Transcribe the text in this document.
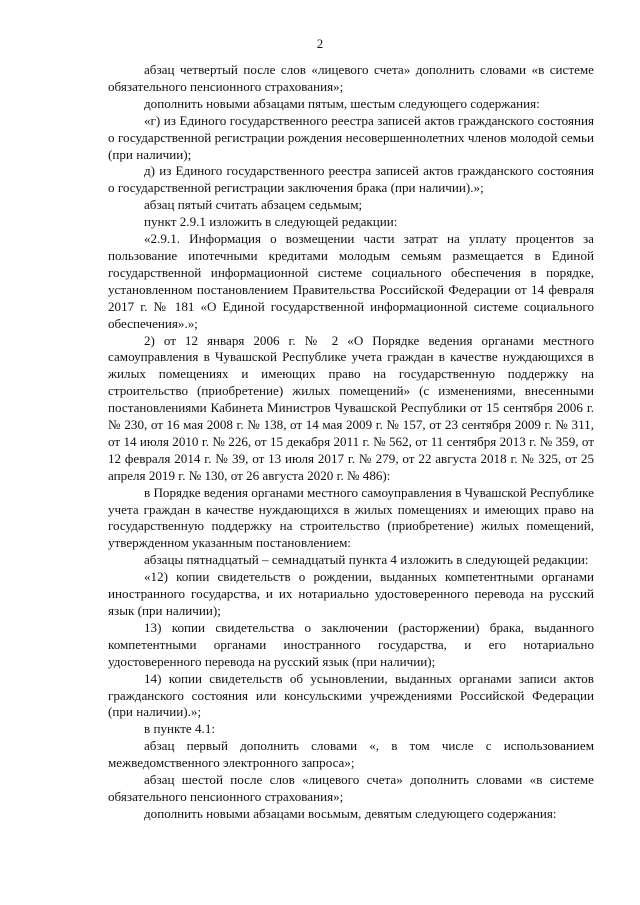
2

абзац четвертый после слов «лицевого счета» дополнить словами «в системе обязательного пенсионного страхования»;

дополнить новыми абзацами пятым, шестым следующего содержания:

«г) из Единого государственного реестра записей актов гражданского состояния о государственной регистрации рождения несовершеннолетних членов молодой семьи (при наличии);

д) из Единого государственного реестра записей актов гражданского состояния о государственной регистрации заключения брака (при наличии).»;

абзац пятый считать абзацем седьмым;

пункт 2.9.1 изложить в следующей редакции:

«2.9.1. Информация о возмещении части затрат на уплату процентов за пользование ипотечными кредитами молодым семьям размещается в Единой государственной информационной системе социального обеспечения в порядке, установленном постановлением Правительства Российской Федерации от 14 февраля 2017 г. № 181 «О Единой государственной информационной системе социального обеспечения».»;

2) от 12 января 2006 г. № 2 «О Порядке ведения органами местного самоуправления в Чувашской Республике учета граждан в качестве нуждающихся в жилых помещениях и имеющих право на государственную поддержку на строительство (приобретение) жилых помещений» (с изменениями, внесенными постановлениями Кабинета Министров Чувашской Республики от 15 сентября 2006 г. № 230, от 16 мая 2008 г. № 138, от 14 мая 2009 г. № 157, от 23 сентября 2009 г. № 311, от 14 июля 2010 г. № 226, от 15 декабря 2011 г. № 562, от 11 сентября 2013 г. № 359, от 12 февраля 2014 г. № 39, от 13 июля 2017 г. № 279, от 22 августа 2018 г. № 325, от 25 апреля 2019 г. № 130, от 26 августа 2020 г. № 486):

в Порядке ведения органами местного самоуправления в Чувашской Республике учета граждан в качестве нуждающихся в жилых помещениях и имеющих право на государственную поддержку на строительство (приобретение) жилых помещений, утвержденном указанным постановлением:

абзацы пятнадцатый – семнадцатый пункта 4 изложить в следующей редакции:

«12) копии свидетельств о рождении, выданных компетентными органами иностранного государства, и их нотариально удостоверенного перевода на русский язык (при наличии);

13) копии свидетельства о заключении (расторжении) брака, выданного компетентными органами иностранного государства, и его нотариально удостоверенного перевода на русский язык (при наличии);

14) копии свидетельств об усыновлении, выданных органами записи актов гражданского состояния или консульскими учреждениями Российской Федерации (при наличии).»;

в пункте 4.1:

абзац первый дополнить словами «, в том числе с использованием межведомственного электронного запроса»;

абзац шестой после слов «лицевого счета» дополнить словами «в системе обязательного пенсионного страхования»;

дополнить новыми абзацами восьмым, девятым следующего содержания:
